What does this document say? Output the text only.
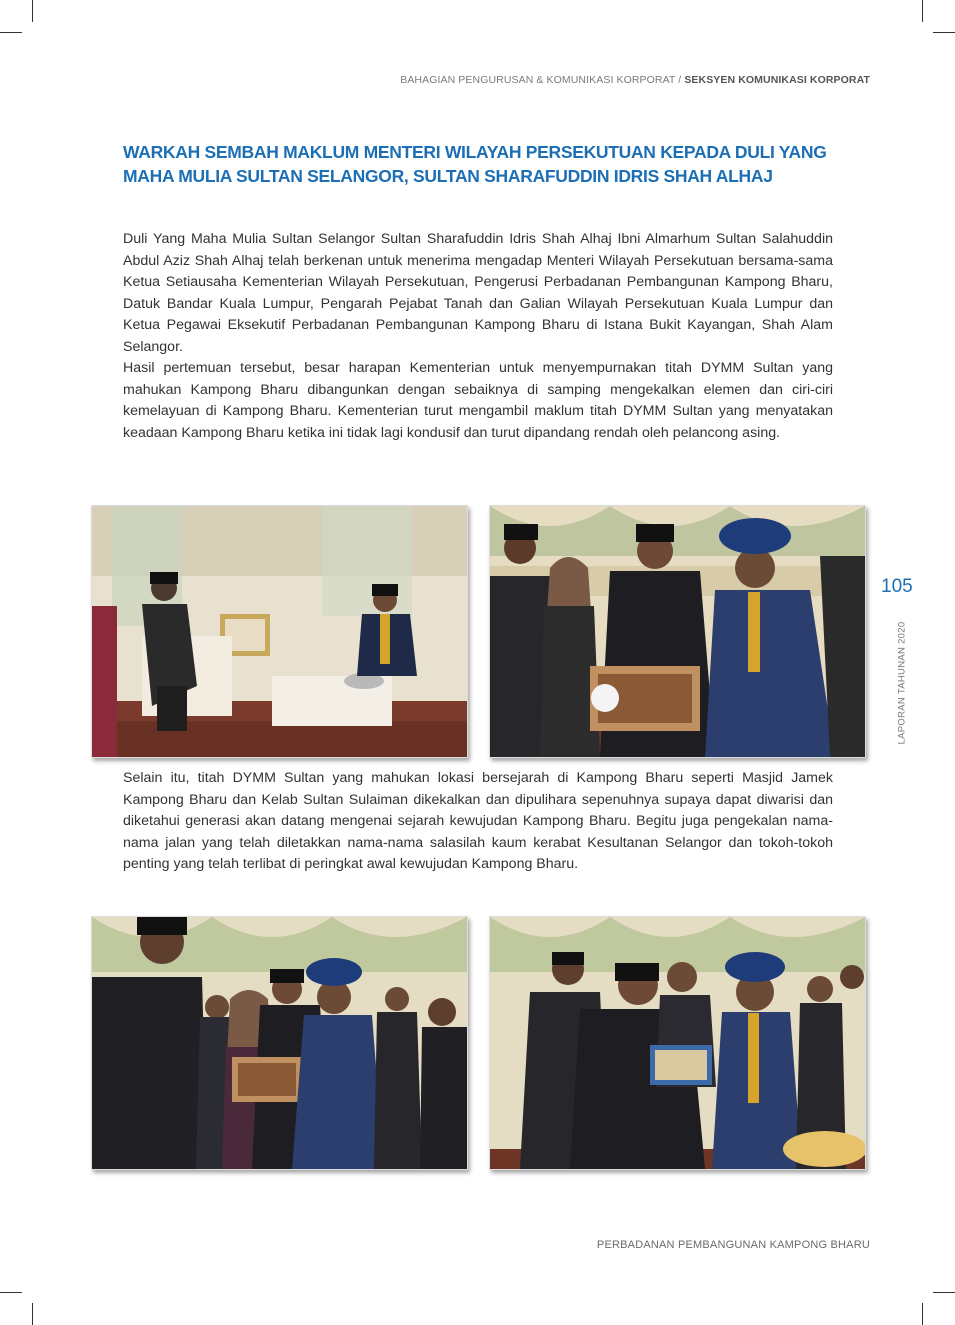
BAHAGIAN PENGURUSAN & KOMUNIKASI KORPORAT / SEKSYEN KOMUNIKASI KORPORAT
WARKAH SEMBAH MAKLUM MENTERI WILAYAH PERSEKUTUAN KEPADA DULI YANG MAHA MULIA SULTAN SELANGOR, SULTAN SHARAFUDDIN IDRIS SHAH ALHAJ

Duli Yang Maha Mulia Sultan Selangor Sultan Sharafuddin Idris Shah Alhaj Ibni Almarhum Sultan Salahuddin Abdul Aziz Shah Alhaj telah berkenan untuk menerima mengadap Menteri Wilayah Persekutuan bersama-sama Ketua Setiausaha Kementerian Wilayah Persekutuan, Pengerusi Perbadanan Pembangunan Kampong Bharu, Datuk Bandar Kuala Lumpur, Pengarah Pejabat Tanah dan Galian Wilayah Persekutuan Kuala Lumpur dan Ketua Pegawai Eksekutif Perbadanan Pembangunan Kampong Bharu di Istana Bukit Kayangan, Shah Alam Selangor.

Hasil pertemuan tersebut, besar harapan Kementerian untuk menyempurnakan titah DYMM Sultan yang mahukan Kampong Bharu dibangunkan dengan sebaiknya di samping mengekalkan elemen dan ciri-ciri kemelayuan di Kampong Bharu. Kementerian turut mengambil maklum titah DYMM Sultan yang menyatakan keadaan Kampong Bharu ketika ini tidak lagi kondusif dan turut dipandang rendah oleh pelancong asing.

105
LAPORAN TAHUNAN 2020

Selain itu, titah DYMM Sultan yang mahukan lokasi bersejarah di Kampong Bharu seperti Masjid Jamek Kampong Bharu dan Kelab Sultan Sulaiman dikekalkan dan dipulihara sepenuhnya supaya dapat diwarisi dan diketahui generasi akan datang mengenai sejarah kewujudan Kampong Bharu. Begitu juga pengekalan nama-nama jalan yang telah diletakkan nama-nama salasilah kaum kerabat Kesultanan Selangor dan tokoh-tokoh penting yang telah terlibat di peringkat awal kewujudan Kampong Bharu.

PERBADANAN PEMBANGUNAN KAMPONG BHARU
